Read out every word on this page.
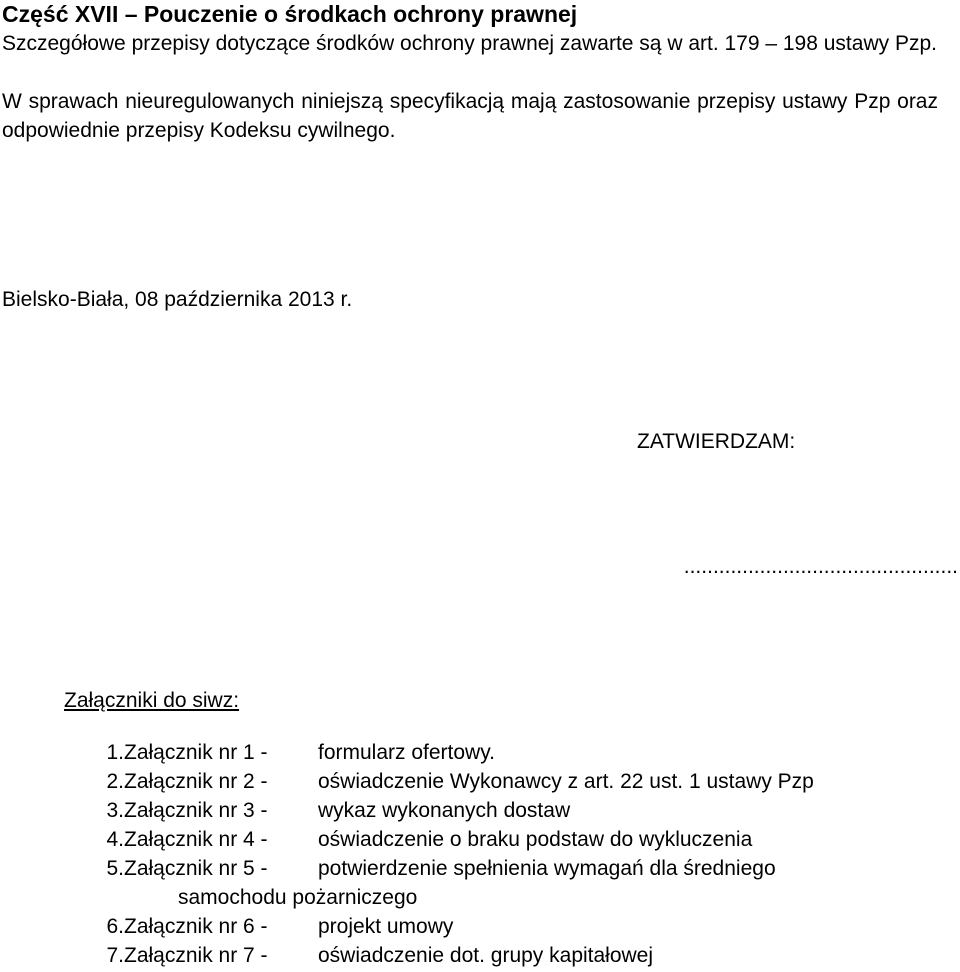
Część XVII – Pouczenie o środkach ochrony prawnej
Szczegółowe przepisy dotyczące środków ochrony prawnej zawarte są w art. 179 – 198 ustawy Pzp.
W sprawach nieuregulowanych niniejszą specyfikacją mają zastosowanie przepisy ustawy Pzp oraz odpowiednie przepisy Kodeksu cywilnego.
Bielsko-Biała, 08 października 2013 r.
ZATWIERDZAM:
...............................................
Załączniki do siwz:
1. Załącznik nr 1 -	formularz ofertowy.
2. Załącznik nr 2 -	oświadczenie Wykonawcy z art. 22 ust. 1 ustawy Pzp
3. Załącznik nr 3 -	wykaz wykonanych dostaw
4. Załącznik nr 4 -	oświadczenie o braku podstaw do wykluczenia
5. Załącznik nr 5 -	potwierdzenie spełnienia wymagań dla średniego
samochodu pożarniczego
6. Załącznik nr 6 -	projekt umowy
7. Załącznik nr 7 -	oświadczenie dot. grupy kapitałowej
